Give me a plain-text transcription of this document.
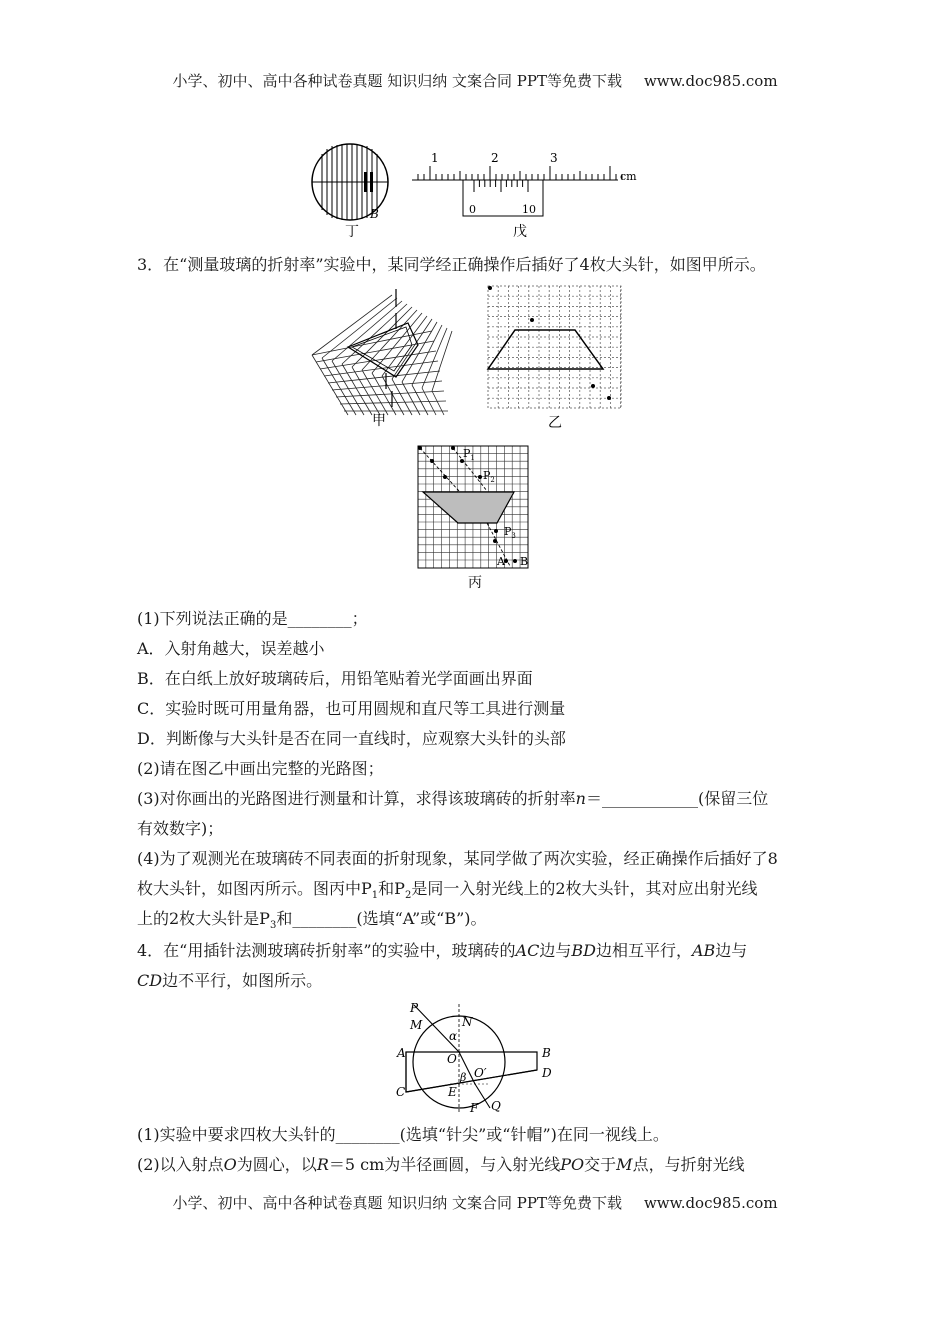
小学、初中、高中各种试卷真题 知识归纳 文案合同 PPT等免费下载 www.doc985.com
B
丁
1	2	3
cm
0	10
戊
3．在“测量玻璃的折射率”实验中，某同学经正确操作后插好了4枚大头针，如图甲所示。
甲	乙
$P_1$
$P_2$
$P_3$
A B
丙
(1)下列说法正确的是________；
A．入射角越大，误差越小
B．在白纸上放好玻璃砖后，用铅笔贴着光学面画出界面
C．实验时既可用量角器，也可用圆规和直尺等工具进行测量
D．判断像与大头针是否在同一直线时，应观察大头针的头部
(2)请在图乙中画出完整的光路图；
(3)对你画出的光路图进行测量和计算，求得该玻璃砖的折射率n＝____________(保留三位
有效数字)；
(4)为了观测光在玻璃砖不同表面的折射现象，某同学做了两次实验，经正确操作后插好了8
枚大头针，如图丙所示。图丙中$P_1$和$P_2$是同一入射光线上的2枚大头针，其对应出射光线
上的2枚大头针是$P_3$和________(选填“A”或“B”)。
4．在“用插针法测玻璃砖折射率”的实验中，玻璃砖的AC边与BD边相互平行，AB边与
CD边不平行，如图所示。
P
M	N
α
A	B
O
O′
β	D
C	E
F Q
(1)实验中要求四枚大头针的________(选填“针尖”或“针帽”)在同一视线上。
(2)以入射点O为圆心，以R＝5 cm为半径画圆，与入射光线PO交于M点，与折射光线
小学、初中、高中各种试卷真题 知识归纳 文案合同 PPT等免费下载 www.doc985.com
